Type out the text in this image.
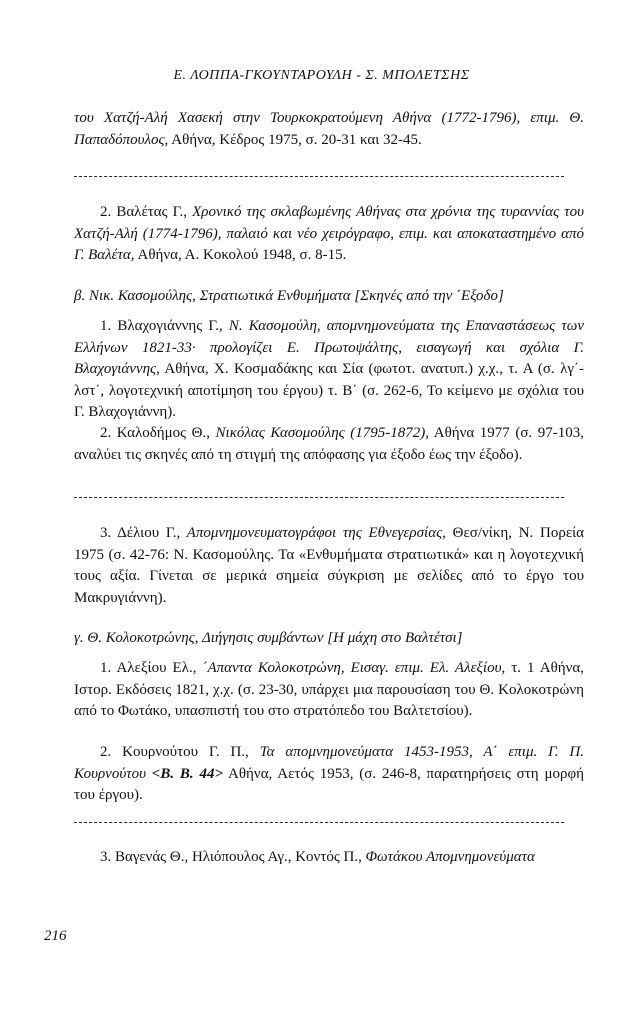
Ε. ΛΟΠΠΑ-ΓΚΟΥΝΤΑΡΟΥΛΗ - Σ. ΜΠΟΛΕΤΣΗΣ

του Χατζή-Αλή Χασεκή στην Τουρκοκρατούμενη Αθήνα (1772-1796), επιμ. Θ. Παπαδόπουλος, Αθήνα, Κέδρος 1975, σ. 20-31 και 32-45.

2. Βαλέτας Γ., Χρονικό της σκλαβωμένης Αθήνας στα χρόνια της τυραννίας του Χατζή-Αλή (1774-1796), παλαιό και νέο χειρόγραφο, επιμ. και αποκαταστημένο από Γ. Βαλέτα, Αθήνα, Α. Κοκολού 1948, σ. 8-15.

β. Νικ. Κασομούλης, Στρατιωτικά Ενθυμήματα [Σκηνές από την ΄Εξοδο]

1. Βλαχογιάννης Γ., Ν. Κασομούλη, απομνημονεύματα της Επαναστάσεως των Ελλήνων 1821-33· προλογίζει Ε. Πρωτοψάλτης, εισαγωγή και σχόλια Γ. Βλαχογιάννης, Αθήνα, Χ. Κοσμαδάκης και Σία (φωτοτ. ανατυπ.) χ.χ., τ. Α (σ. λγ΄-λστ΄, λογοτεχνική αποτίμηση του έργου) τ. Β΄ (σ. 262-6, Το κείμενο με σχόλια του Γ. Βλαχογιάννη).

2. Καλοδήμος Θ., Νικόλας Κασομούλης (1795-1872), Αθήνα 1977 (σ. 97-103, αναλύει τις σκηνές από τη στιγμή της απόφασης για έξοδο έως την έξοδο).

3. Δέλιου Γ., Απομνημονευματογράφοι της Εθνεγερσίας, Θεσ/νίκη, Ν. Πορεία 1975 (σ. 42-76: Ν. Κασομούλης. Τα «Ενθυμήματα στρατιωτικά» και η λογοτεχνική τους αξία. Γίνεται σε μερικά σημεία σύγκριση με σελίδες από το έργο του Μακρυγιάννη).

γ. Θ. Κολοκοτρώνης, Διήγησις συμβάντων [Η μάχη στο Βαλτέτσι]

1. Αλεξίου Ελ., ΄Απαντα Κολοκοτρώνη, Εισαγ. επιμ. Ελ. Αλεξίου, τ. 1 Αθήνα, Ιστορ. Εκδόσεις 1821, χ.χ. (σ. 23-30, υπάρχει μια παρουσίαση του Θ. Κολοκοτρώνη από το Φωτάκο, υπασπιστή του στο στρατόπεδο του Βαλτετσίου).

2. Κουρνούτου Γ. Π., Τα απομνημονεύματα 1453-1953, Α΄ επιμ. Γ. Π. Κουρνούτου <Β. Β. 44> Αθήνα, Αετός 1953, (σ. 246-8, παρατηρήσεις στη μορφή του έργου).

3. Βαγενάς Θ., Ηλιόπουλος Αγ., Κοντός Π., Φωτάκου Απομνημονεύματα

216
